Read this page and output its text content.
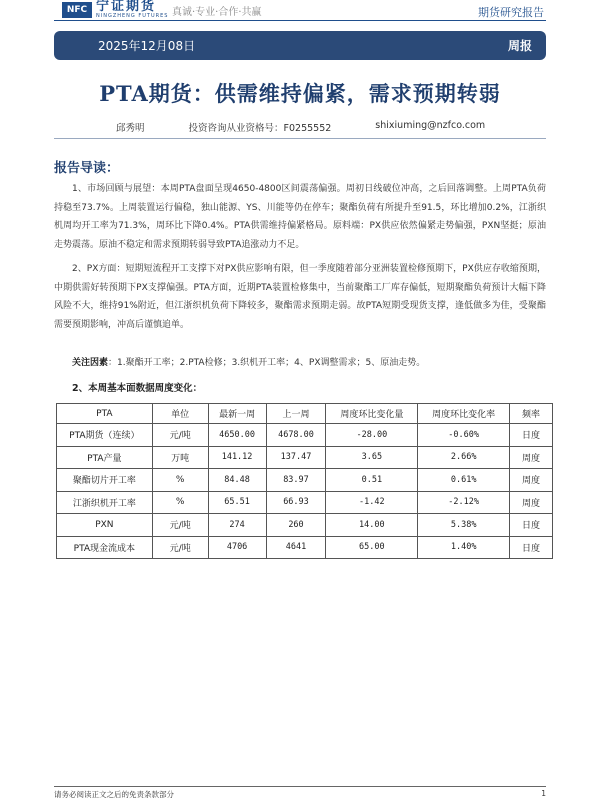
NFC 宁证期货
NINGZHENG FUTURES 真诚·专业·合作·共赢	期货研究报告
2025年12月08日	周报
PTA期货：供需维持偏紧，需求预期转弱
邱秀明	投资咨询从业资格号：F0255552	shixiuming@nzfco.com
报告导读：

1、市场回顾与展望：本周PTA盘面呈现4650-4800区间震荡偏强。周初日线破位冲高，之后回落调整。上周PTA负荷持稳至73.7%。上周装置运行偏稳，独山能源、YS、川能等仍在停车；聚酯负荷有所提升至91.5，环比增加0.2%，江浙织机周均开工率为71.3%，周环比下降0.4%。PTA供需维持偏紧格局。原料端：PX供应依然偏紧走势偏强，PXN坚挺；原油走势震荡。原油不稳定和需求预期转弱导致PTA追涨动力不足。

2、PX方面：短期短流程开工支撑下对PX供应影响有限，但一季度随着部分亚洲装置检修预期下，PX供应存收缩预期，中期供需好转预期下PX支撑偏强。PTA方面，近期PTA装置检修集中，当前聚酯工厂库存偏低，短期聚酯负荷预计大幅下降风险不大，维持91%附近，但江浙织机负荷下降较多，聚酯需求预期走弱。故PTA短期受现货支撑，逢低做多为佳，受聚酯需要预期影响，冲高后谨慎追单。

关注因素：1.聚酯开工率；2.PTA检修；3.织机开工率；4、PX调整需求；5、原油走势。
2、本周基本面数据周度变化：
PTA	单位	最新一周	上一周	周度环比变化量	周度环比变化率	频率
PTA期货（连续）	元/吨	4650.00	4678.00	-28.00	-0.60%	日度
PTA产量	万吨	141.12	137.47	3.65	2.66%	周度
聚酯切片开工率	%	84.48	83.97	0.51	0.61%	周度
江浙织机开工率	%	65.51	66.93	-1.42	-2.12%	周度
PXN	元/吨	274	260	14.00	5.38%	日度
PTA现金流成本	元/吨	4706	4641	65.00	1.40%	日度
请务必阅读正文之后的免责条款部分	1
